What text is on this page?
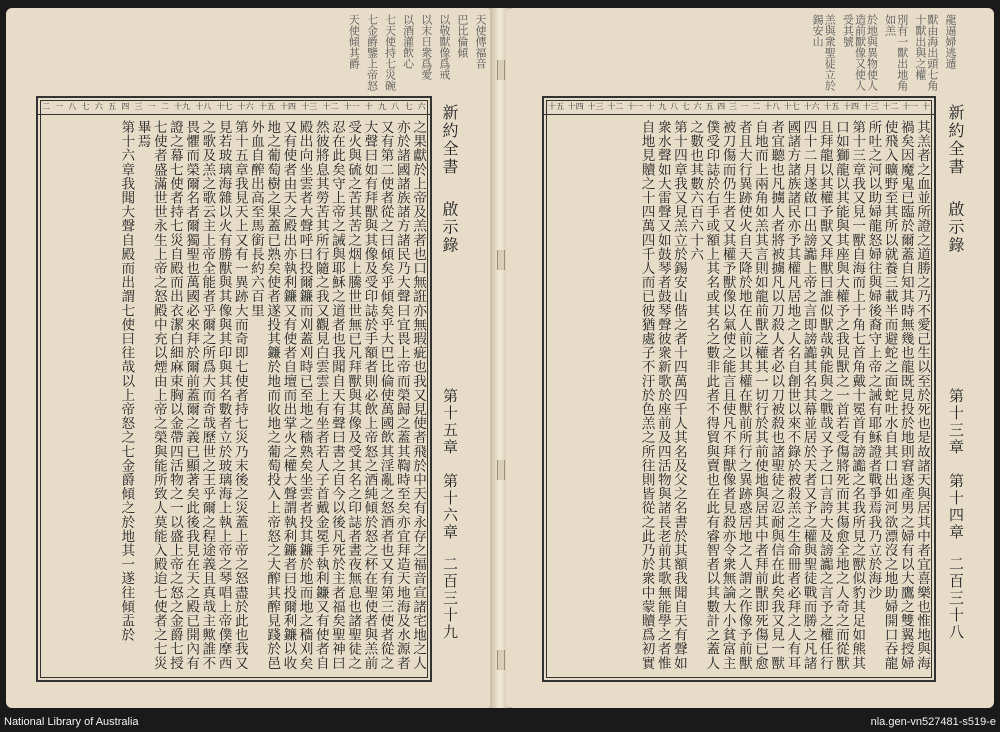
天使傳福音
巴比倫傾
以敬獸像爲戒
以末日衆爲愛
以酒灌飲心
七天使持七災碗
七金爵鑒上帝怒
天使傾其爵
六
七
八
九
十
十一
十二
十三
十四
十五
十六
十七
十八
十九
二
一
三
四
五
六
七
八
一
二

之果獻於上帝及羔者也口無誑亦無瑕疵也我又見使者飛於中天有永存之福音宣諸宅地之人亦於諸國諸族諸方諸民乃大聲曰宜畏上帝而榮歸之蓋其鞫時至矣亦宜拜造天地海及水源者又有第二使者從之曰傾矣乎傾矣乎大巴比倫使萬國飲其淫亂之怒酒者也又有第三使者從之大聲曰如有拜獸與其像及受印誌於手額者則必飲上帝怒之酒純傾於怒之杯在聖使者與羔前受火與硫之苦其苦之烟上騰世世無已凡拜獸與其像及受其名之印誌者晝夜無息也諸聖徒之忍在此矣守上帝之誡與耶穌之道者也我聞自天有聲曰書之自今以後凡死於主者福矣聖神曰然彼將息其勞苦其所行隨之我又觀見白雲雲上有坐者若人子首戴金冕手執利鐮又有使者自殿出向坐雲者大聲呼曰投爾鐮而刈蓋刈時已至地之穡熟矣坐雲者投其鐮於地而地之穡刈矣又有使者由天之殿出亦執利鐮又有使者自壇而出掌火之權大聲謂執利鐮者曰投爾利鐮以收地之葡萄樹之果蓋已熟矣使者遂投其鐮於地而收地之葡萄投入上帝怒之大醡其醡見踐於邑外血自醡出高至馬銜長約六百里

第十五章我見天上又有一異跡大而奇即七使者持七災乃末後之災蓋上帝之怒盡於此也我又見若玻璃海雜以火有勝獸與其像與其印與其名數者立於玻璃海上執上帝之琴唱上帝僕摩西之歌及羔之歌云主上帝全能者乎爾之所爲大而奇哉歷世之王乎爾之程途義且真哉主歟誰不畏懼而榮爾名者爾獨聖也萬國必來拜於爾前蓋爾之義已顯著矣此後我見在天之殿已開內有證之幕七使者持七災自殿而出衣潔白細麻束胸以金帶四活物之一以盛上帝之怒之金爵七授七使者盛滿世世永生上帝之怒殿中充以煙由上帝之榮與能所致人莫能入殿迨七使者之七災畢焉

第十六章我聞大聲自殿而出謂七使曰往哉以上帝怒之七金爵傾之於地其一遂往傾盂於	新約全書  啟示錄
第十五章　第十六章
二百三十九
龍逼婦逃遁
獸由海出頭七角十獸出與之權
別有一獸出地角如羔
於地與異物使人造前獸像又使人受其號
羔與衆聖徒立於錫安山
十
十一
十二
十三
十四
十五
十六
十七
十八
二
一
三
四
五
六
七
八
九
十
十一
十二
十三
十四
十五

其羔者之血並所證之道勝之乃不愛己生以至於死也是故諸天與居其中者宜喜樂也惟地與海禍矣因魔鬼已臨於爾蓋自知其時無幾也龍既見投於地則窘逐產男之婦有以大鷹之雙翼授婦使飛入曠野至其所以就養三載半而避蛇之面蛇吐水自其口出如河欲漂沒之地助婦開口吞龍所吐之河以助婦龍怒婦往與婦後裔守上帝之誡有耶穌證者戰爭焉我乃立於海沙

第十三章我又見一獸自海而上十角七首角戴十冕首有謗讟之名我所見之獸似豹其足如熊其口如獅龍以其能與其座與大權予之我見獸之一首若受傷將死而其傷愈全地之人奇之而從獸且拜龍以其權予獸又拜獸曰誰似獸哉孰能與之戰哉又予之口言誇大及謗讟之言予之權任行四十二月遂啟口出謗讟上帝之言即謗讟其名其幕並居於天者又予之權與聖徒戰而勝之凡諸國諸方諸族諸民亦予其權凡居地之人名自創世以來不錄於被殺羔之生命冊者必拜之人有耳者宜聽也凡擄人者將被擄凡以刀殺人者必以刀被殺也諸聖徒之忍耐與信在此矣我又見一獸自地而上兩角如羔其言則如龍前獸之權其一切行於其前使地與居其中者拜前獸即死傷已愈者且大行異跡使火自天降於地在人前以其權在獸前所行之異跡惑居地之人謂之作像予前獸被刀傷而仍生者又其權予獸像以氣使之能言且使凡不拜獸像者見殺亦令衆無論大小貧富主僕受印誌於右手或額上其名或其名之數非此者不得貿與賣也在此有睿智者以其數計之蓋人之數也其數六百六十六

第十四章我又見羔立於錫安山偕之者十四萬四千人其名及父之名書於其額我聞自天有聲如衆水聲如大雷聲又如鼓琴者鼓琴聲彼衆新歌於座前及四活物與諸長老前其歌無能學之者惟自地見贖之十四萬四千人而已彼猶處子不汙於色羔之所往則皆從之此乃於衆中蒙贖爲初實	新約全書  啟示錄
第十三章　第十四章
二百三十八
National Library of Australia	nla.gen-vn527481-s519-e
